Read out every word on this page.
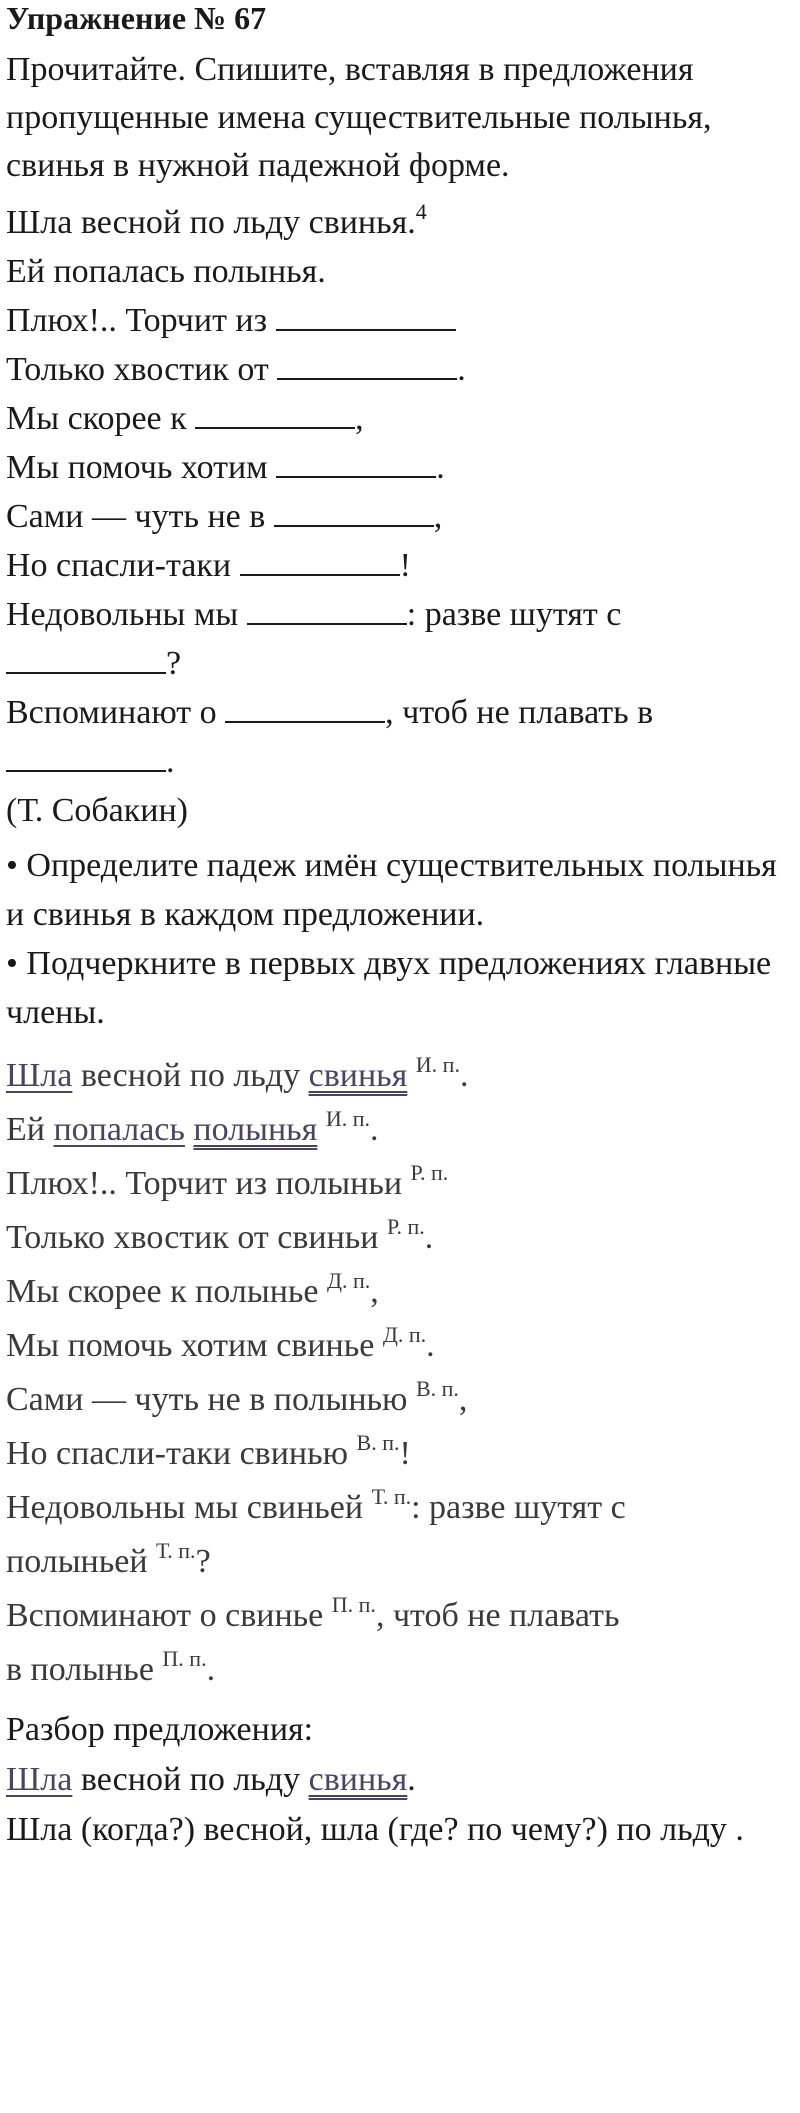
Упражнение № 67

Прочитайте. Спишите, вставляя в предложения пропущенные имена существительные полынья, свинья в нужной падежной форме.

Шла весной по льду свинья.$^4$
Ей попалась полынья.
Плюх!.. Торчит из
Только хвостик от	.
Мы скорее к	,
Мы помочь хотим	.
Сами — чуть не в	,
Но спасли-таки	!
Недовольны мы	: разве шутят с
?
Вспоминают о	, чтоб не плавать в
.
(Т. Собакин)
• Определите падеж имён существительных полынья и свинья в каждом предложении.
• Подчеркните в первых двух предложениях главные члены.
Шла весной по льду свинья $^{И. п.}$.
Ей попалась полынья $^{И. п.}$.
Плюх!.. Торчит из полыньи $^{Р. п.}$
Только хвостик от свиньи $^{Р. п.}$.
Мы скорее к полынье $^{Д. п.}$,
Мы помочь хотим свинье $^{Д. п.}$.
Сами — чуть не в полынью $^{В. п.}$,
Но спасли-таки свинью $^{В. п.}$!
Недовольны мы свиньей $^{Т. п.}$: разве шутят с
полыньей $^{Т. п.}$?
Вспоминают о свинье $^{П. п.}$, чтоб не плавать
в полынье $^{П. п.}$.
Разбор предложения:
Шла весной по льду свинья.
Шла (когда?) весной, шла (где? по чему?) по льду .
